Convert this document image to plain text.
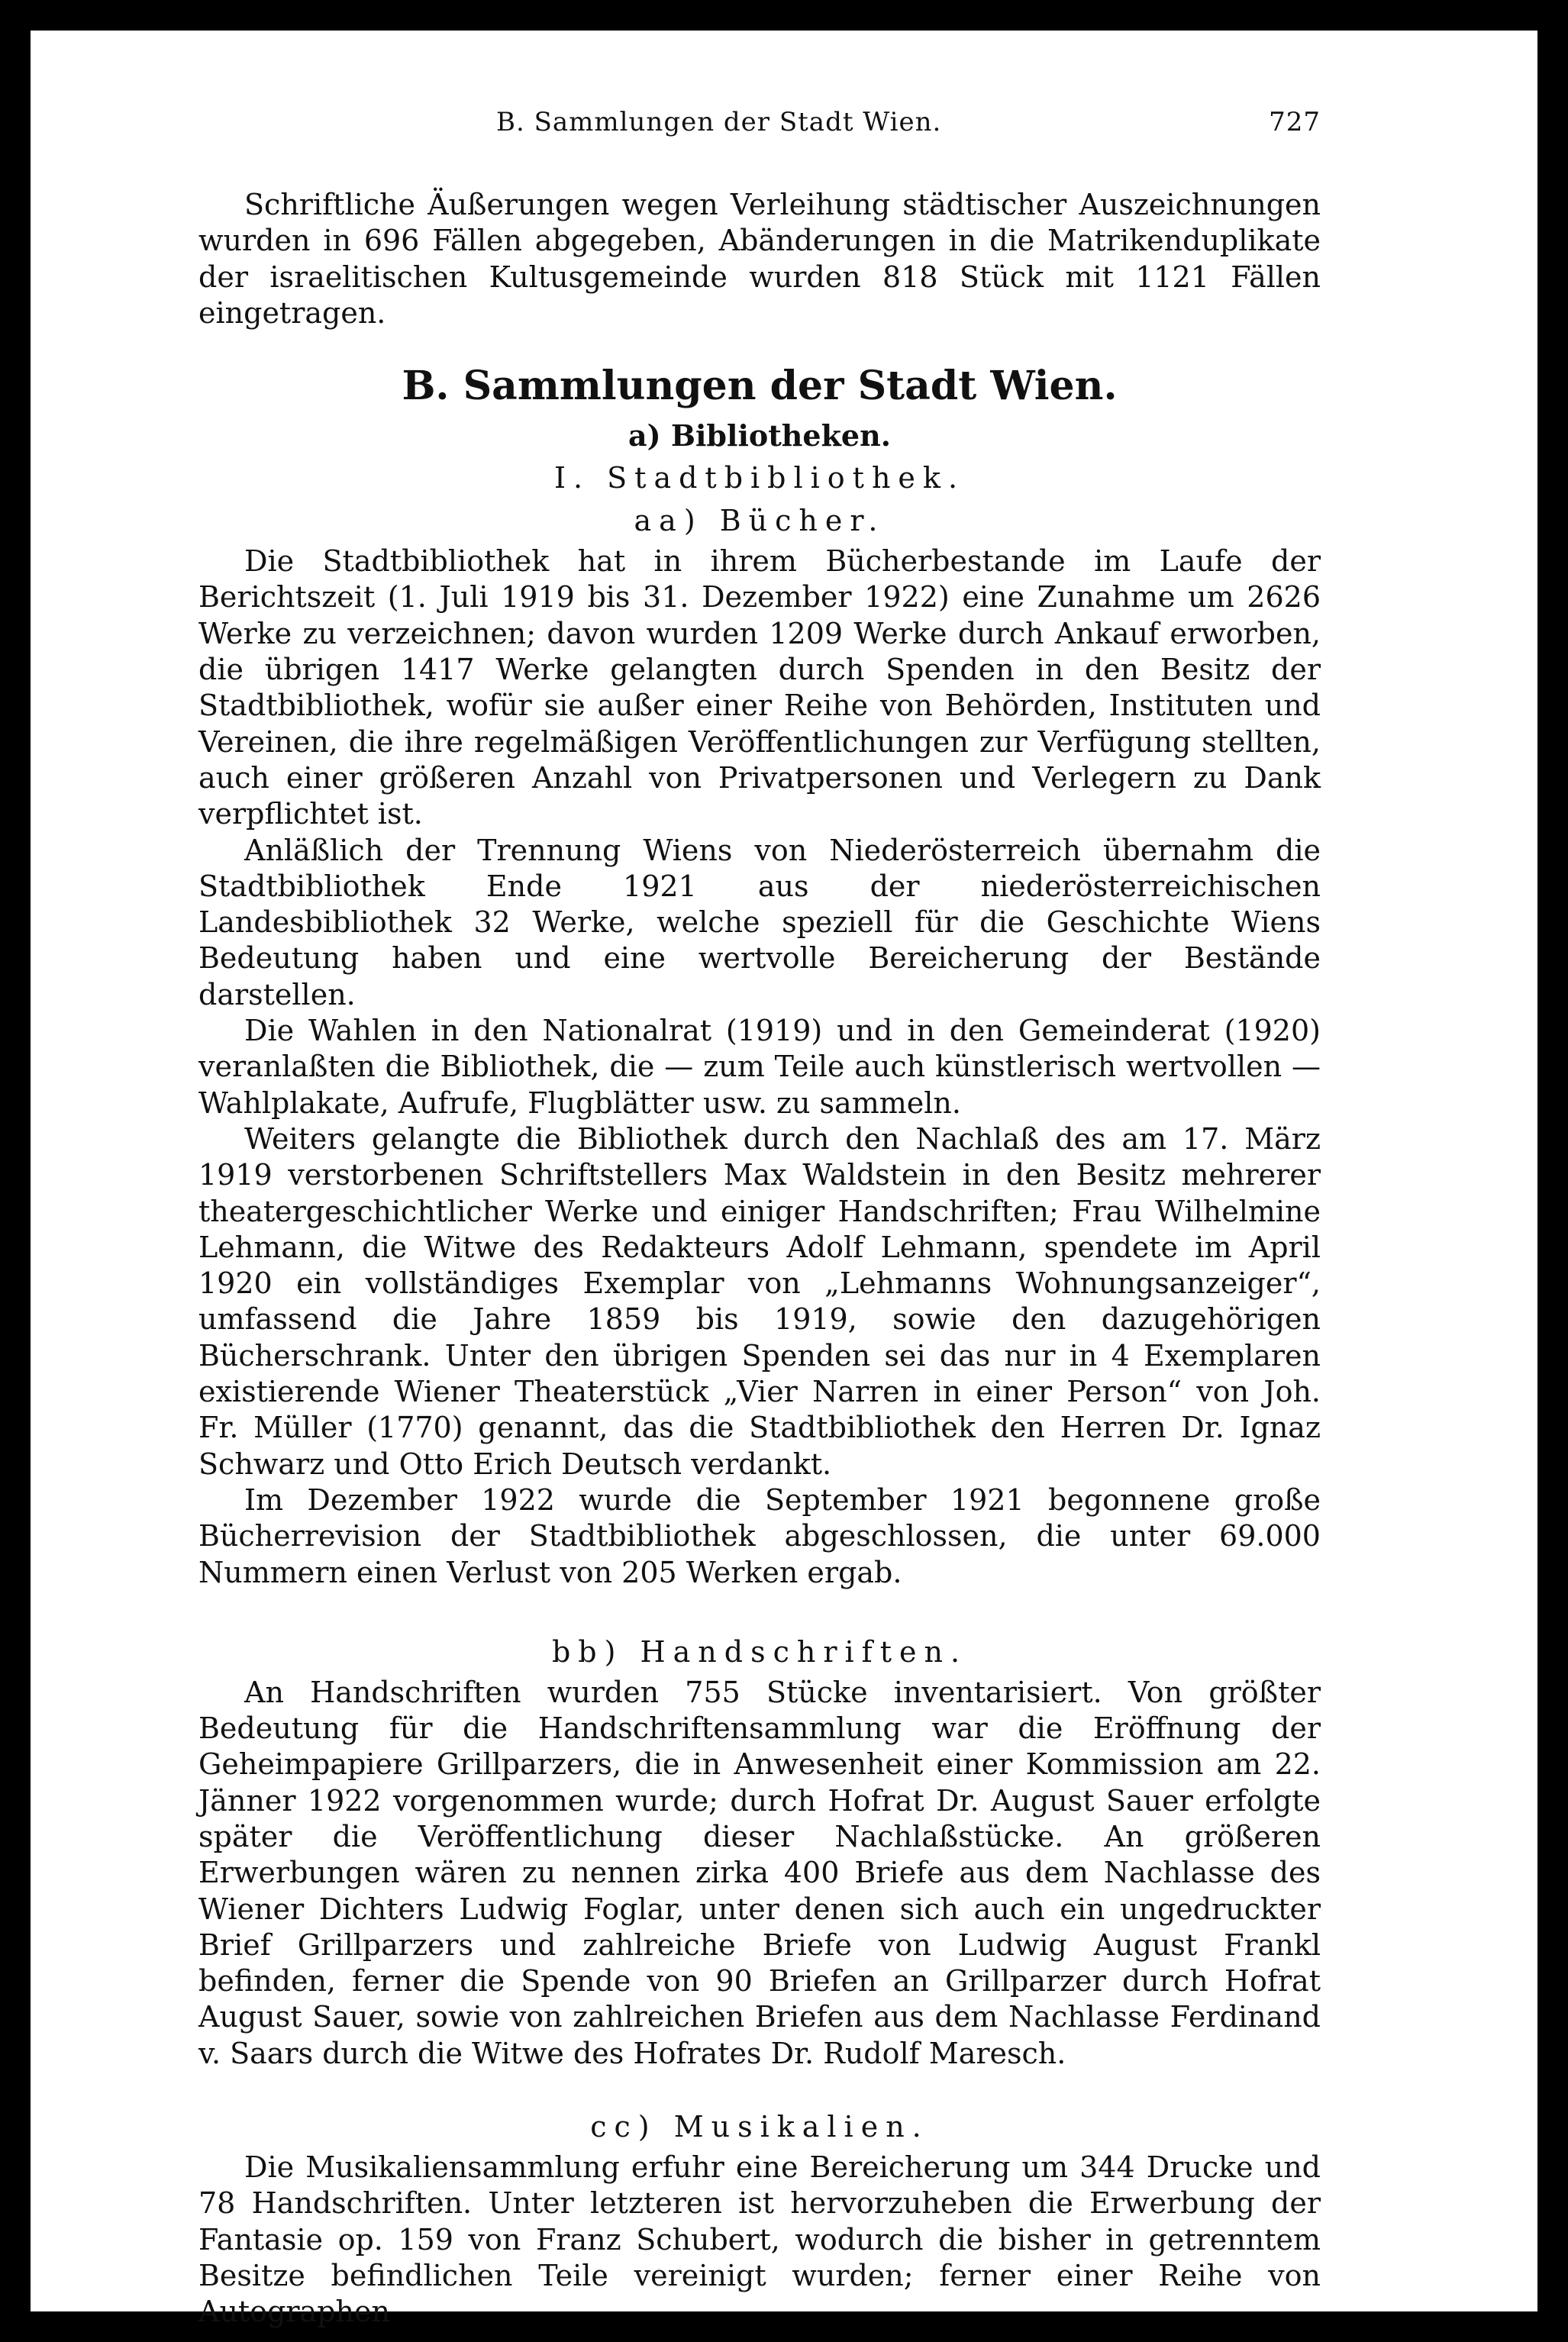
B. Sammlungen der Stadt Wien.	727

Schriftliche Äußerungen wegen Verleihung städtischer Auszeichnungen wurden in 696 Fällen abgegeben, Abänderungen in die Matrikenduplikate der israelitischen Kultusgemeinde wurden 818 Stück mit 1121 Fällen eingetragen.

B. Sammlungen der Stadt Wien.
a) Bibliotheken.
I. Stadtbibliothek.
aa) Bücher.

Die Stadtbibliothek hat in ihrem Bücherbestande im Laufe der Berichtszeit (1. Juli 1919 bis 31. Dezember 1922) eine Zunahme um 2626 Werke zu verzeichnen; davon wurden 1209 Werke durch Ankauf erworben, die übrigen 1417 Werke gelangten durch Spenden in den Besitz der Stadtbibliothek, wofür sie außer einer Reihe von Behörden, Instituten und Vereinen, die ihre regelmäßigen Veröffentlichungen zur Verfügung stellten, auch einer größeren Anzahl von Privatpersonen und Verlegern zu Dank verpflichtet ist.

Anläßlich der Trennung Wiens von Niederösterreich übernahm die Stadtbibliothek Ende 1921 aus der niederösterreichischen Landesbibliothek 32 Werke, welche speziell für die Geschichte Wiens Bedeutung haben und eine wertvolle Bereicherung der Bestände darstellen.

Die Wahlen in den Nationalrat (1919) und in den Gemeinderat (1920) veranlaßten die Bibliothek, die — zum Teile auch künstlerisch wertvollen — Wahlplakate, Aufrufe, Flugblätter usw. zu sammeln.

Weiters gelangte die Bibliothek durch den Nachlaß des am 17. März 1919 verstorbenen Schriftstellers Max Waldstein in den Besitz mehrerer theatergeschichtlicher Werke und einiger Handschriften; Frau Wilhelmine Lehmann, die Witwe des Redakteurs Adolf Lehmann, spendete im April 1920 ein vollständiges Exemplar von „Lehmanns Wohnungsanzeiger“, umfassend die Jahre 1859 bis 1919, sowie den dazugehörigen Bücherschrank. Unter den übrigen Spenden sei das nur in 4 Exemplaren existierende Wiener Theaterstück „Vier Narren in einer Person“ von Joh. Fr. Müller (1770) genannt, das die Stadtbibliothek den Herren Dr. Ignaz Schwarz und Otto Erich Deutsch verdankt.

Im Dezember 1922 wurde die September 1921 begonnene große Bücherrevision der Stadtbibliothek abgeschlossen, die unter 69.000 Nummern einen Verlust von 205 Werken ergab.

bb) Handschriften.

An Handschriften wurden 755 Stücke inventarisiert. Von größter Bedeutung für die Handschriftensammlung war die Eröffnung der Geheimpapiere Grillparzers, die in Anwesenheit einer Kommission am 22. Jänner 1922 vorgenommen wurde; durch Hofrat Dr. August Sauer erfolgte später die Veröffentlichung dieser Nachlaßstücke. An größeren Erwerbungen wären zu nennen zirka 400 Briefe aus dem Nachlasse des Wiener Dichters Ludwig Foglar, unter denen sich auch ein ungedruckter Brief Grillparzers und zahlreiche Briefe von Ludwig August Frankl befinden, ferner die Spende von 90 Briefen an Grillparzer durch Hofrat August Sauer, sowie von zahlreichen Briefen aus dem Nachlasse Ferdinand v. Saars durch die Witwe des Hofrates Dr. Rudolf Maresch.

cc) Musikalien.

Die Musikaliensammlung erfuhr eine Bereicherung um 344 Drucke und 78 Handschriften. Unter letzteren ist hervorzuheben die Erwerbung der Fantasie op. 159 von Franz Schubert, wodurch die bisher in getrenntem Besitze befindlichen Teile vereinigt wurden; ferner einer Reihe von Autographen
